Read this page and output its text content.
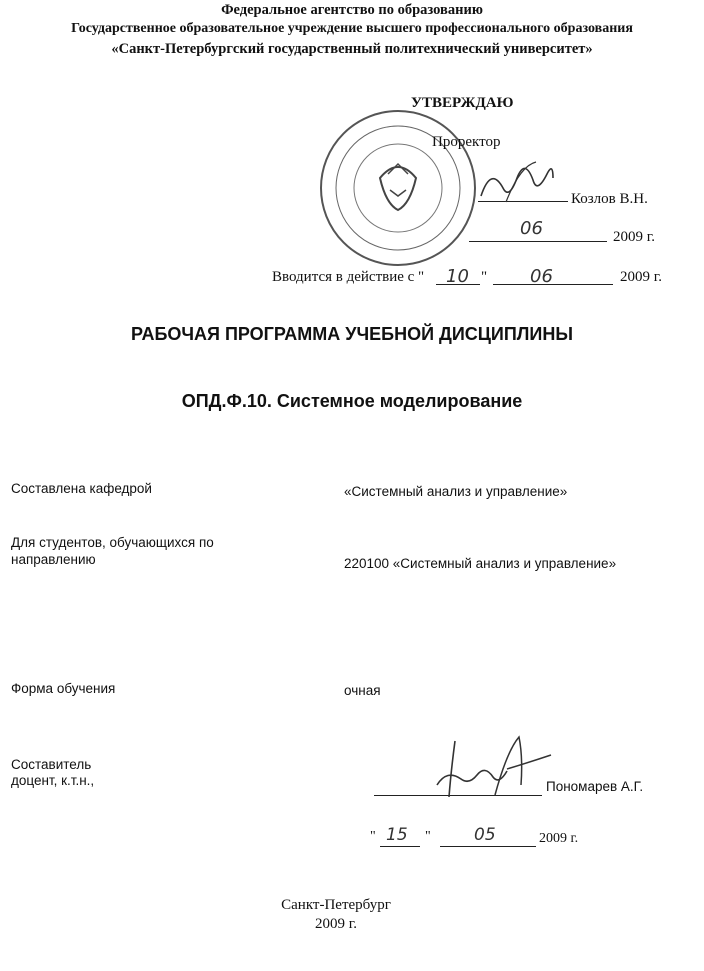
Федеральное агентство по образованию
Государственное образовательное учреждение высшего профессионального образования
«Санкт-Петербургский государственный политехнический университет»
УТВЕРЖДАЮ
Проректор
Козлов В.Н.
06	2009 г.
Вводится в действие с " 10 " 06	2009 г.
РАБОЧАЯ ПРОГРАММА УЧЕБНОЙ ДИСЦИПЛИНЫ
ОПД.Ф.10. Системное моделирование
Составлена кафедрой	«Системный анализ и управление»
Для студентов, обучающихся по
направлению	220100 «Системный анализ и управление»
Форма обучения	очная
Составитель
доцент, к.т.н.,	Пономарев А.Г.
" 15 "	05	2009 г.
Санкт-Петербург
2009 г.
